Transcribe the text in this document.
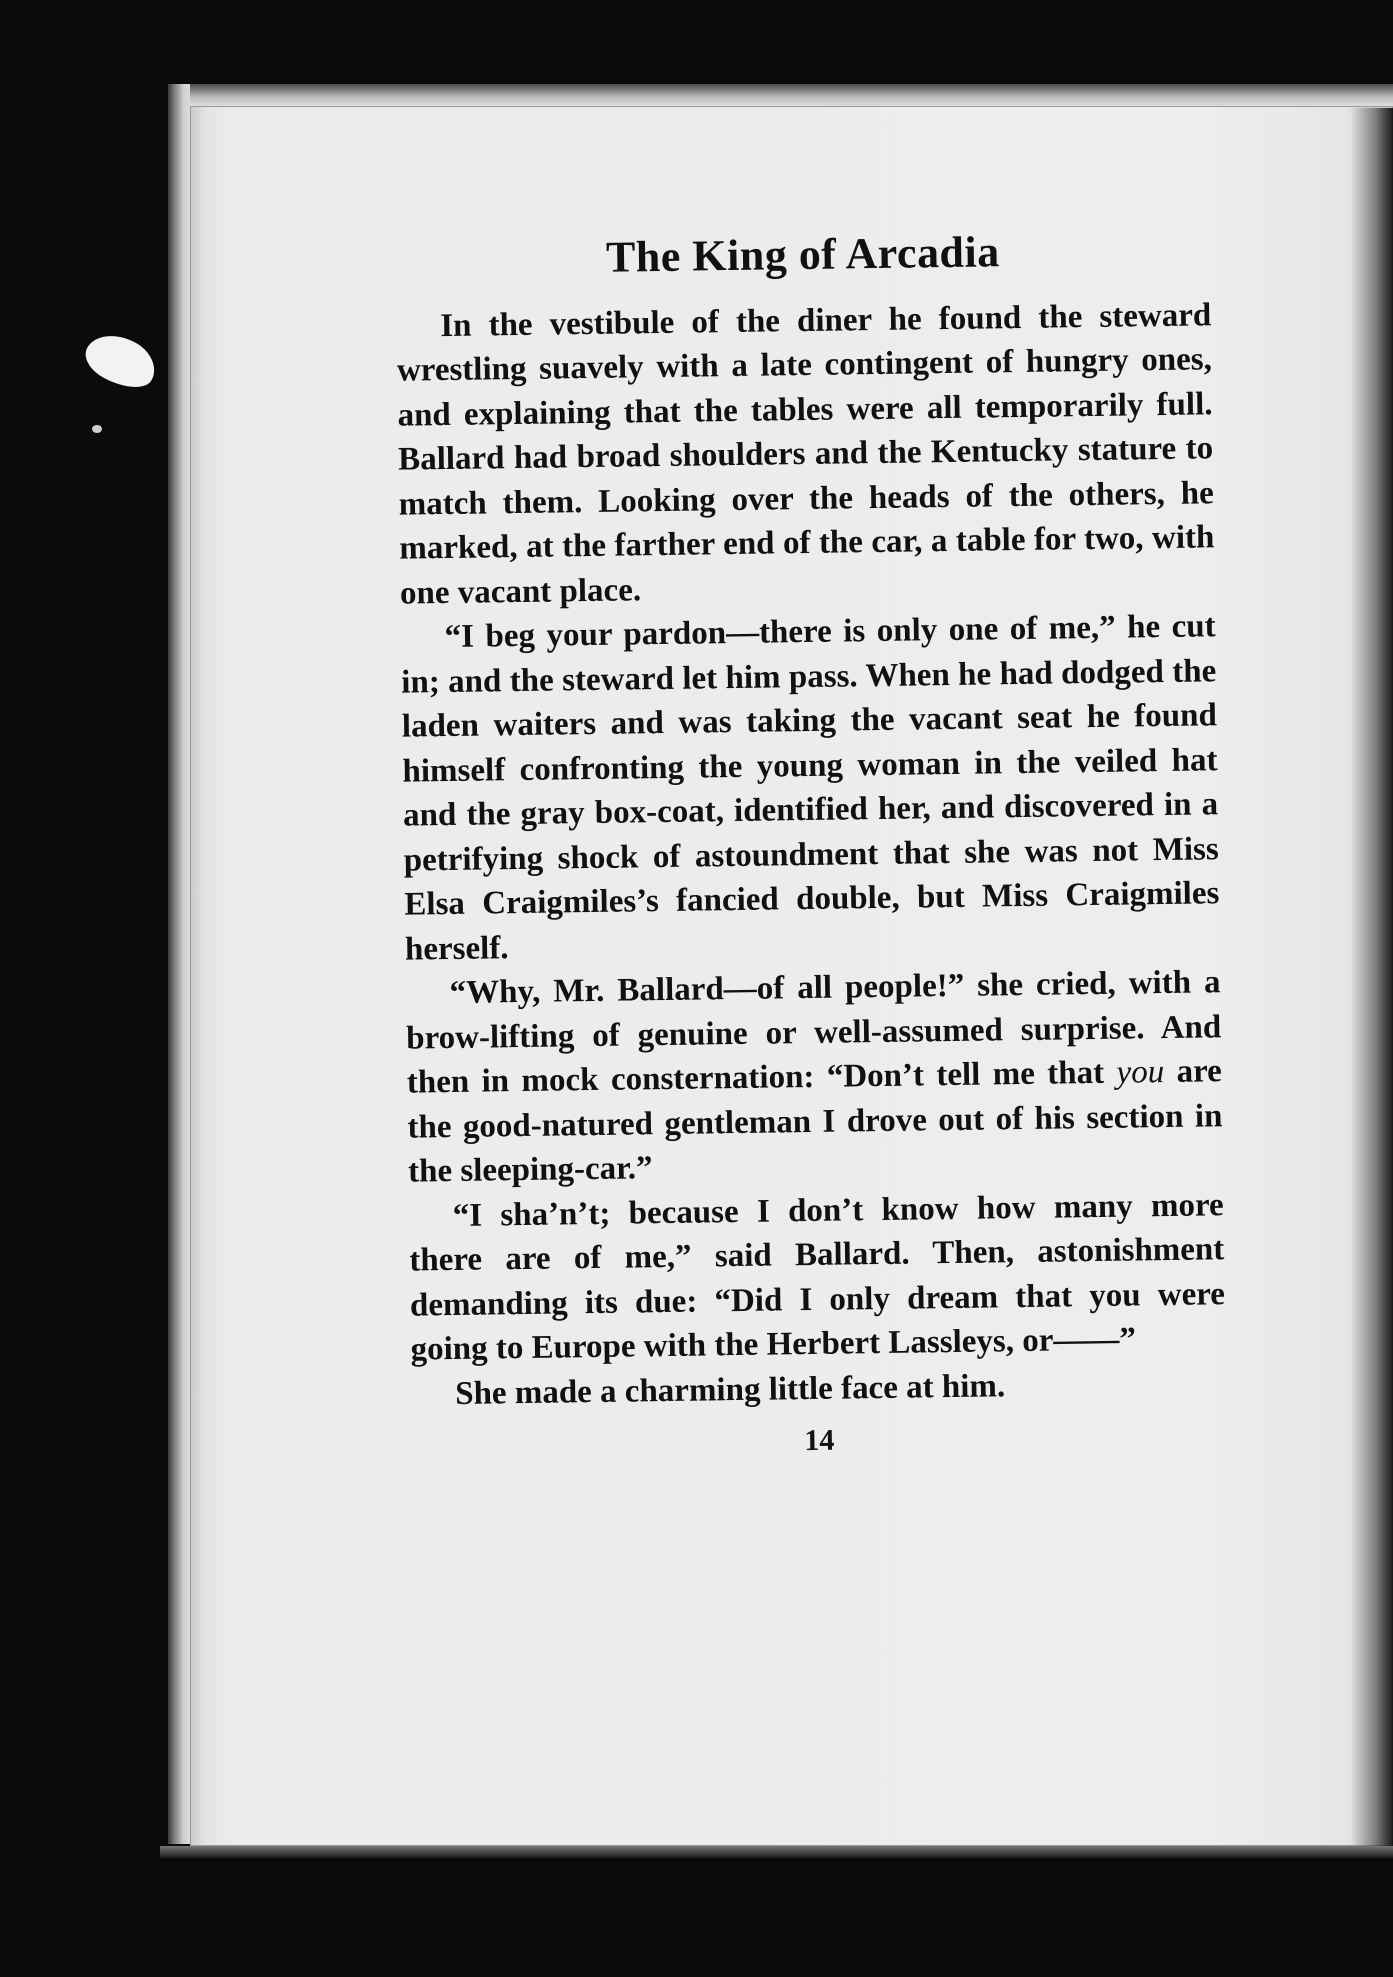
The King of Arcadia

In the vestibule of the diner he found the steward wrestling suavely with a late contingent of hungry ones, and explaining that the tables were all temporarily full. Ballard had broad shoulders and the Kentucky stature to match them. Looking over the heads of the others, he marked, at the farther end of the car, a table for two, with one vacant place.

“I beg your pardon—there is only one of me,” he cut in; and the steward let him pass. When he had dodged the laden waiters and was taking the vacant seat he found himself confronting the young woman in the veiled hat and the gray box-coat, identified her, and discovered in a petrifying shock of astoundment that she was not Miss Elsa Craigmiles’s fancied double, but Miss Craigmiles herself.

“Why, Mr. Ballard—of all people!” she cried, with a brow-lifting of genuine or well-assumed surprise. And then in mock consternation: “Don’t tell me that you are the good-natured gentleman I drove out of his section in the sleeping-car.”

“I sha’n’t; because I don’t know how many more there are of me,” said Ballard. Then, astonishment demanding its due: “Did I only dream that you were going to Europe with the Herbert Lassleys, or——”

She made a charming little face at him.

14
